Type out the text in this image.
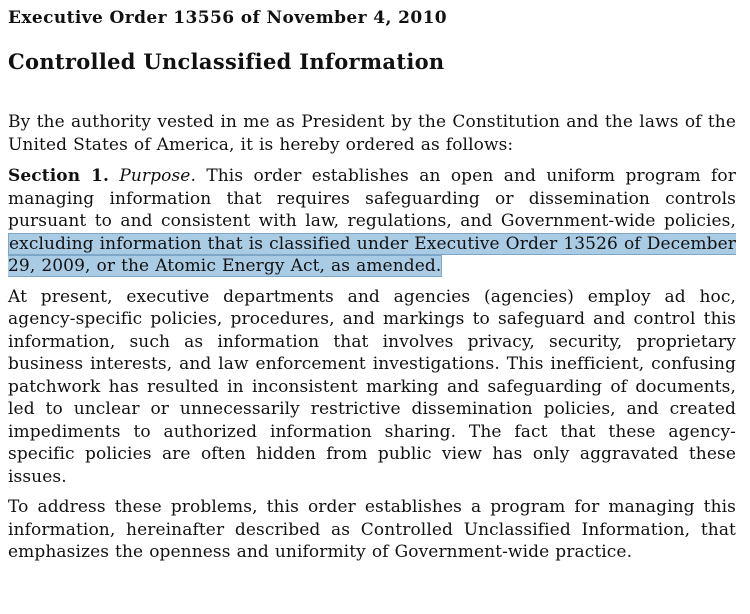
Executive Order 13556 of November 4, 2010
Controlled Unclassified Information

By the authority vested in me as President by the Constitution and the laws of the United States of America, it is hereby ordered as follows:

Section 1. Purpose. This order establishes an open and uniform program for managing information that requires safeguarding or dissemination controls pursuant to and consistent with law, regulations, and Government-wide policies, excluding information that is classified under Executive Order 13526 of December 29, 2009, or the Atomic Energy Act, as amended.

At present, executive departments and agencies (agencies) employ ad hoc, agency-specific policies, procedures, and markings to safeguard and control this information, such as information that involves privacy, security, proprietary business interests, and law enforcement investigations. This inefficient, confusing patchwork has resulted in inconsistent marking and safeguarding of documents, led to unclear or unnecessarily restrictive dissemination policies, and created impediments to authorized information sharing. The fact that these agency-specific policies are often hidden from public view has only aggravated these issues.

To address these problems, this order establishes a program for managing this information, hereinafter described as Controlled Unclassified Information, that emphasizes the openness and uniformity of Government-wide practice.
